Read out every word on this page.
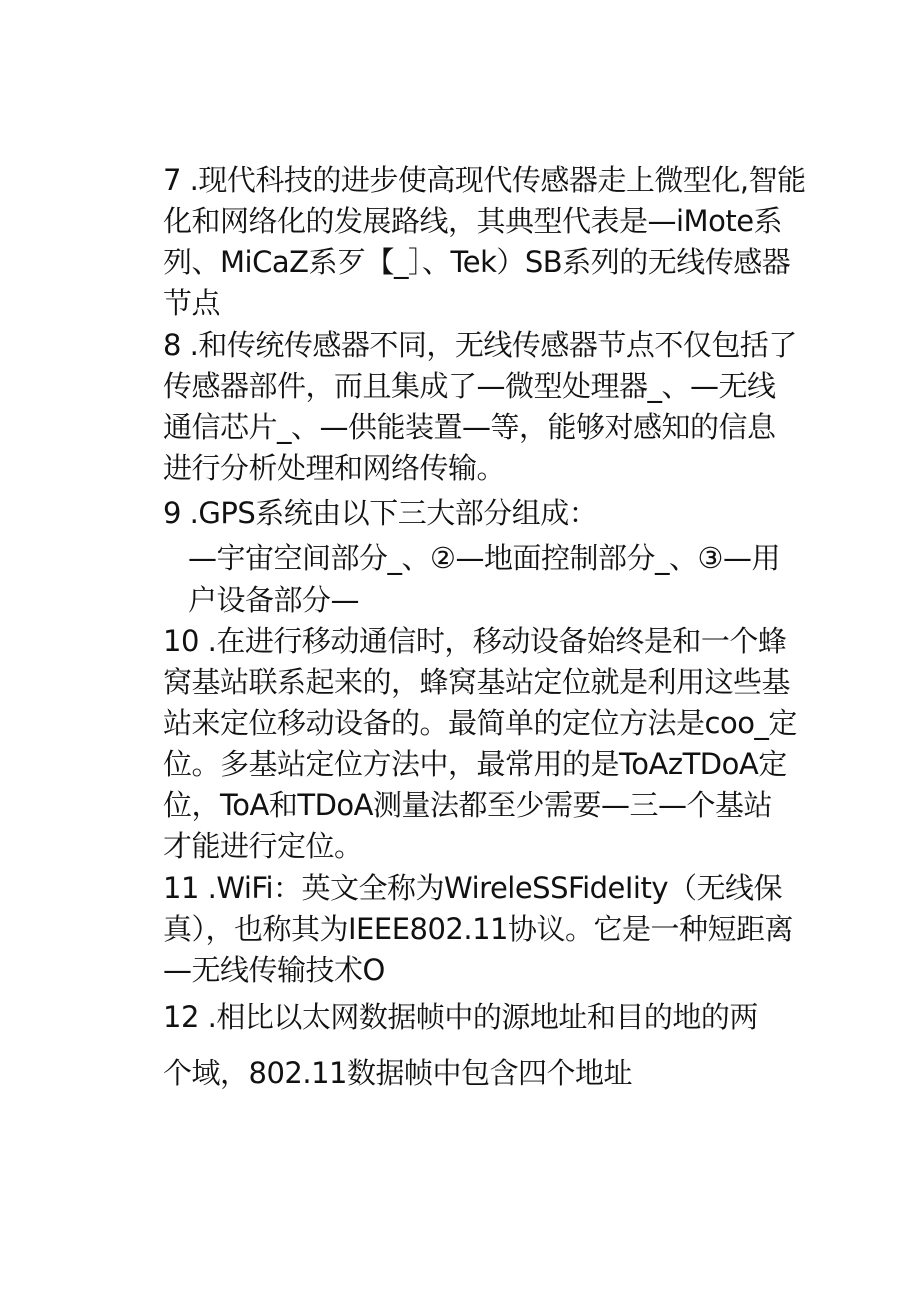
7 .现代科技的进步使高现代传感器走上微型化,智能
化和网络化的发展路线，其典型代表是—iMote系
列、MiCaZ系歹【_］、Tek）SB系列的无线传感器
节点
8 .和传统传感器不同，无线传感器节点不仅包括了
传感器部件，而且集成了—微型处理器_、—无线
通信芯片_、—供能装置—等，能够对感知的信息
进行分析处理和网络传输。
9 .GPS系统由以下三大部分组成：
—宇宙空间部分_、②—地面控制部分_、③—用
户设备部分—
10 .在进行移动通信时，移动设备始终是和一个蜂
窝基站联系起来的，蜂窝基站定位就是利用这些基
站来定位移动设备的。最简单的定位方法是coo_定
位。多基站定位方法中，最常用的是ToAzTDoA定
位，ToA和TDoA测量法都至少需要—三—个基站
才能进行定位。
11 .WiFi：英文全称为WireleSSFideIity（无线保
真），也称其为IEEE802.11协议。它是一种短距离
—无线传输技术O
12 .相比以太网数据帧中的源地址和目的地的两
个域，802.11数据帧中包含四个地址
